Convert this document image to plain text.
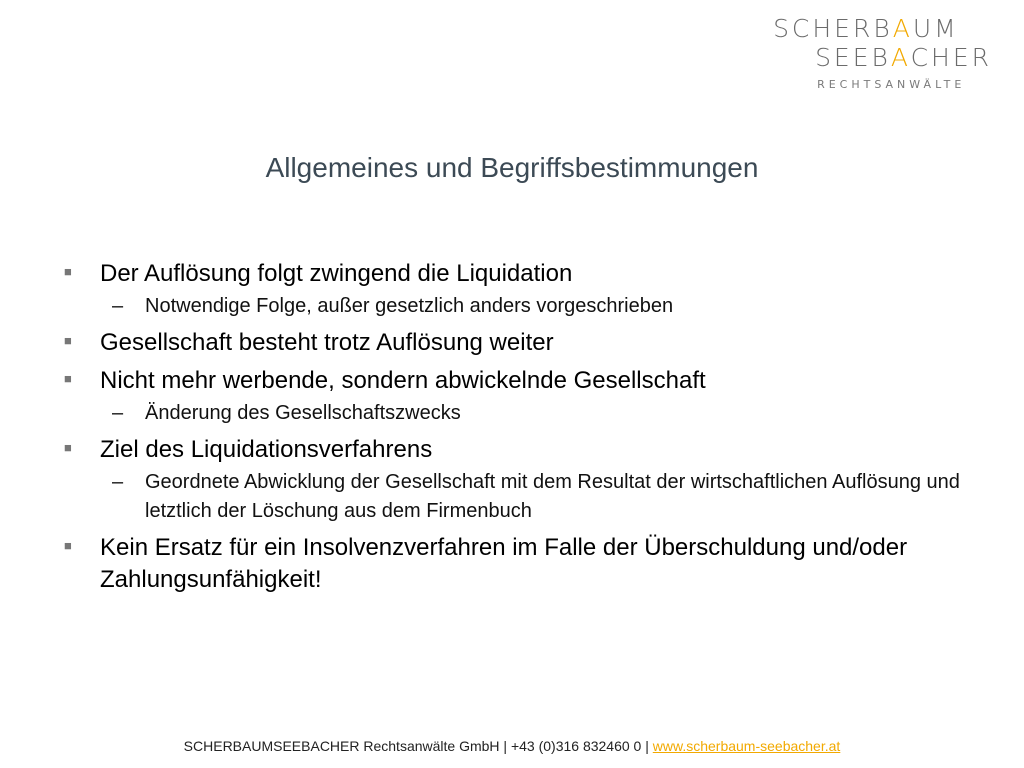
SCHERBAUM
SEEBACHER
RECHTSANWÄLTE
Allgemeines und Begriffsbestimmungen
■ Der Auflösung folgt zwingend die Liquidation
– Notwendige Folge, außer gesetzlich anders vorgeschrieben
■ Gesellschaft besteht trotz Auflösung weiter
■ Nicht mehr werbende, sondern abwickelnde Gesellschaft
– Änderung des Gesellschaftszwecks
■ Ziel des Liquidationsverfahrens
– Geordnete Abwicklung der Gesellschaft mit dem Resultat der wirtschaftlichen Auflösung und letztlich der Löschung aus dem Firmenbuch
■ Kein Ersatz für ein Insolvenzverfahren im Falle der Überschuldung und/oder Zahlungsunfähigkeit!
SCHERBAUMSEEBACHER Rechtsanwälte GmbH | +43 (0)316 832460 0 | www.scherbaum-seebacher.at
